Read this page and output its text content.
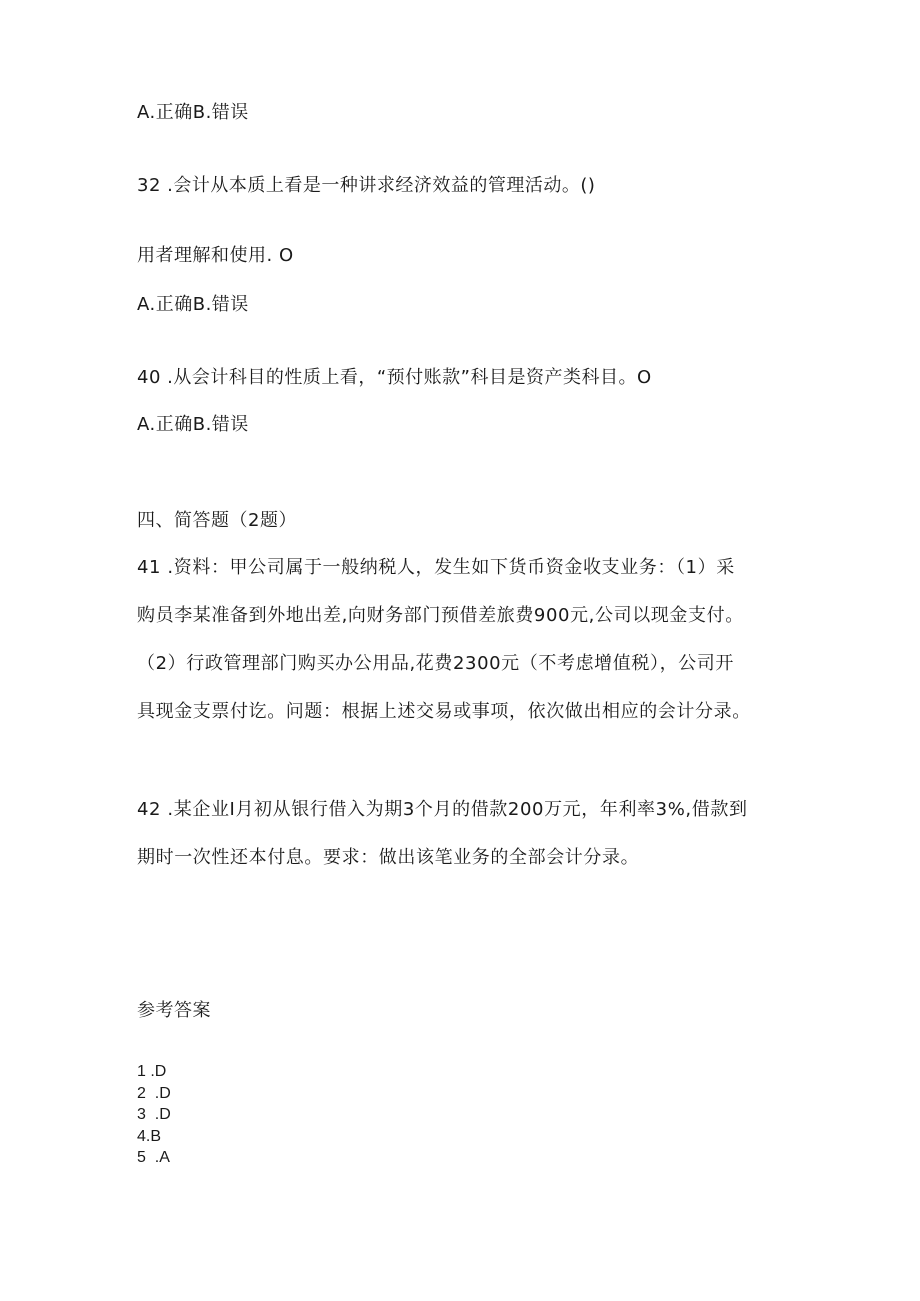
A.正确B.错误
32 .会计从本质上看是一种讲求经济效益的管理活动。()
用者理解和使用. O
A.正确B.错误
40 .从会计科目的性质上看，“预付账款”科目是资产类科目。O
A.正确B.错误
四、简答题（2题）
41 .资料：甲公司属于一般纳税人，发生如下货币资金收支业务：（1）采
购员李某准备到外地出差,向财务部门预借差旅费900元,公司以现金支付。
（2）行政管理部门购买办公用品,花费2300元（不考虑增值税），公司开
具现金支票付讫。问题：根据上述交易或事项，依次做出相应的会计分录。
42 .某企业I月初从银行借入为期3个月的借款200万元，年利率3%,借款到
期时一次性还本付息。要求：做出该笔业务的全部会计分录。
参考答案
1 .D
2  .D
3  .D
4.B
5  .A
